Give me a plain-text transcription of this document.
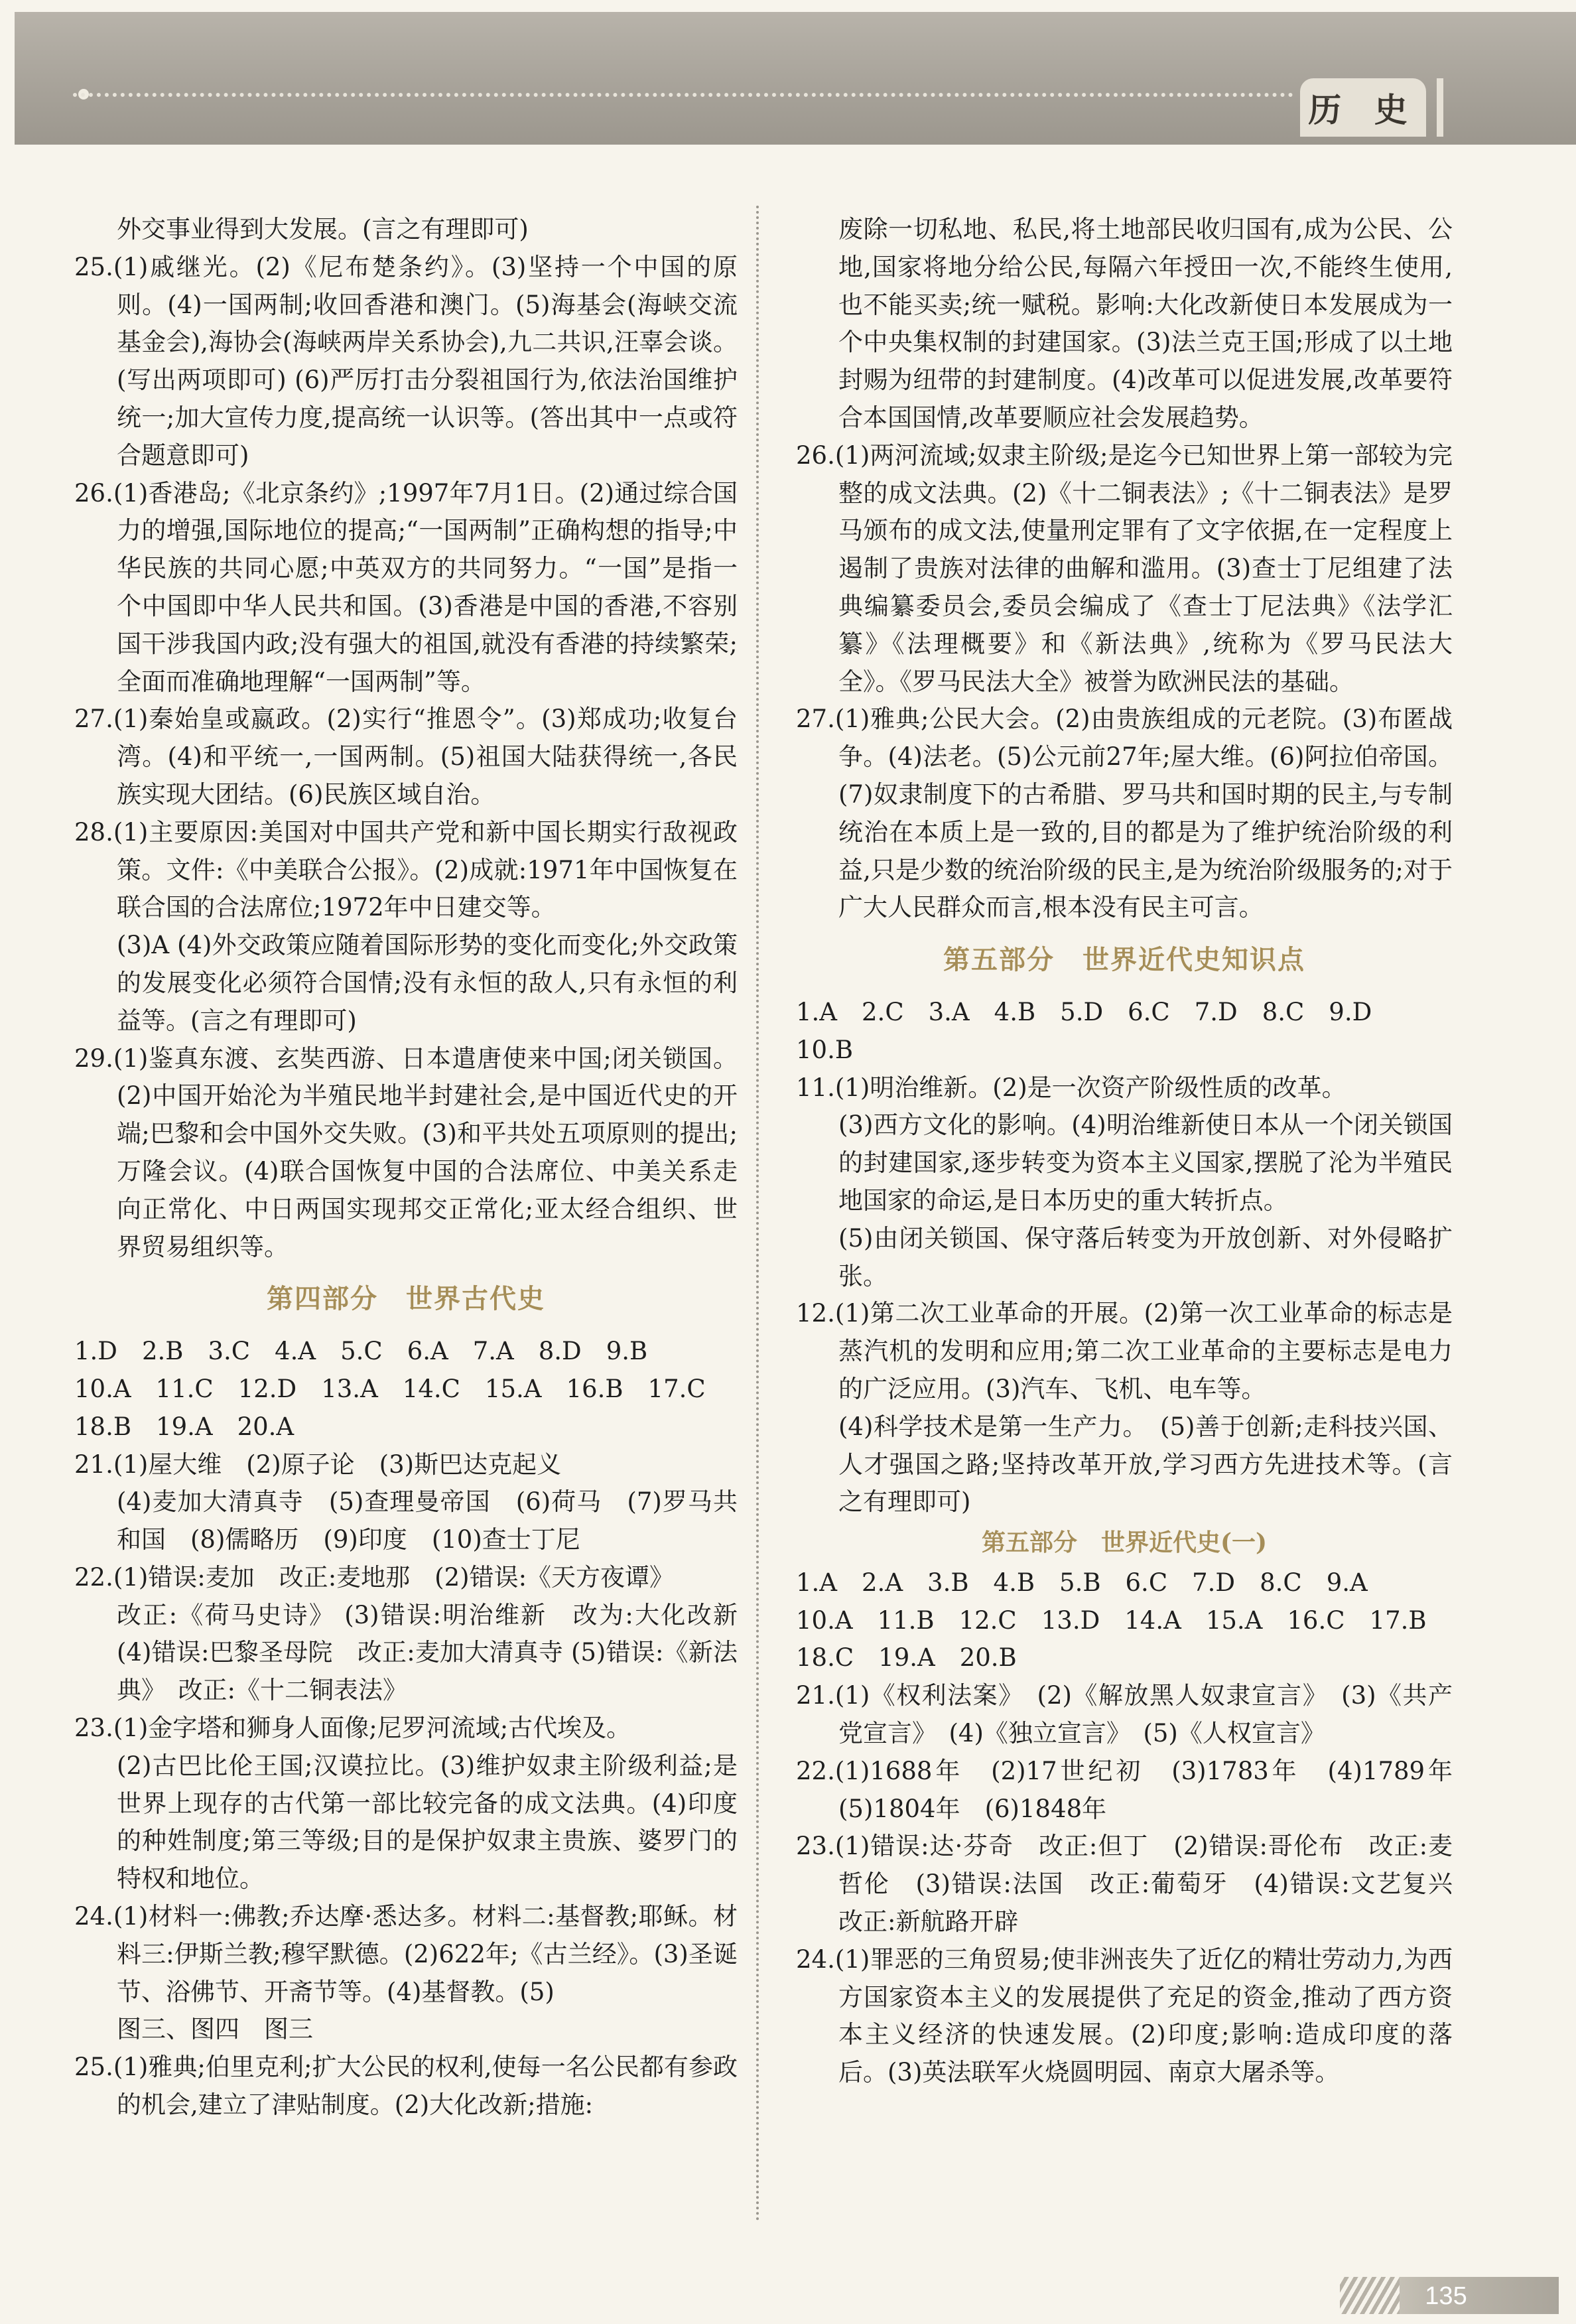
历 史

外交事业得到大发展。(言之有理即可)

25.(1)戚继光。(2)《尼布楚条约》。(3)坚持一个中国的原则。(4)一国两制;收回香港和澳门。(5)海基会(海峡交流基金会),海协会(海峡两岸关系协会),九二共识,汪辜会谈。(写出两项即可) (6)严厉打击分裂祖国行为,依法治国维护统一;加大宣传力度,提高统一认识等。(答出其中一点或符合题意即可)

26.(1)香港岛;《北京条约》;1997年7月1日。(2)通过综合国力的增强,国际地位的提高;“一国两制”正确构想的指导;中华民族的共同心愿;中英双方的共同努力。“一国”是指一个中国即中华人民共和国。(3)香港是中国的香港,不容别国干涉我国内政;没有强大的祖国,就没有香港的持续繁荣;全面而准确地理解“一国两制”等。

27.(1)秦始皇或嬴政。(2)实行“推恩令”。(3)郑成功;收复台湾。(4)和平统一,一国两制。(5)祖国大陆获得统一,各民族实现大团结。(6)民族区域自治。

28.(1)主要原因:美国对中国共产党和新中国长期实行敌视政策。文件:《中美联合公报》。(2)成就:1971年中国恢复在联合国的合法席位;1972年中日建交等。

(3)A (4)外交政策应随着国际形势的变化而变化;外交政策的发展变化必须符合国情;没有永恒的敌人,只有永恒的利益等。(言之有理即可)

29.(1)鉴真东渡、玄奘西游、日本遣唐使来中国;闭关锁国。(2)中国开始沦为半殖民地半封建社会,是中国近代史的开端;巴黎和会中国外交失败。(3)和平共处五项原则的提出;万隆会议。(4)联合国恢复中国的合法席位、中美关系走向正常化、中日两国实现邦交正常化;亚太经合组织、世界贸易组织等。

第四部分　世界古代史

1.D　2.B　3.C　4.A　5.C　6.A　7.A　8.D　9.B

10.A　11.C　12.D　13.A　14.C　15.A　16.B　17.C

18.B　19.A　20.A

21.(1)屋大维　(2)原子论　(3)斯巴达克起义

(4)麦加大清真寺　(5)查理曼帝国　(6)荷马　(7)罗马共和国　(8)儒略历　(9)印度　(10)查士丁尼

22.(1)错误:麦加　改正:麦地那　(2)错误:《天方夜谭》

改正:《荷马史诗》 (3)错误:明治维新　改为:大化改新　(4)错误:巴黎圣母院　改正:麦加大清真寺 (5)错误:《新法典》　改正:《十二铜表法》

23.(1)金字塔和狮身人面像;尼罗河流域;古代埃及。

(2)古巴比伦王国;汉谟拉比。(3)维护奴隶主阶级利益;是世界上现存的古代第一部比较完备的成文法典。(4)印度的种姓制度;第三等级;目的是保护奴隶主贵族、婆罗门的特权和地位。

24.(1)材料一:佛教;乔达摩·悉达多。材料二:基督教;耶稣。材料三:伊斯兰教;穆罕默德。(2)622年;《古兰经》。(3)圣诞节、浴佛节、开斋节等。(4)基督教。(5)

图三、图四　图三

25.(1)雅典;伯里克利;扩大公民的权利,使每一名公民都有参政的机会,建立了津贴制度。(2)大化改新;措施:

废除一切私地、私民,将土地部民收归国有,成为公民、公地,国家将地分给公民,每隔六年授田一次,不能终生使用,也不能买卖;统一赋税。影响:大化改新使日本发展成为一个中央集权制的封建国家。(3)法兰克王国;形成了以土地封赐为纽带的封建制度。(4)改革可以促进发展,改革要符合本国国情,改革要顺应社会发展趋势。

26.(1)两河流域;奴隶主阶级;是迄今已知世界上第一部较为完整的成文法典。(2)《十二铜表法》;《十二铜表法》是罗马颁布的成文法,使量刑定罪有了文字依据,在一定程度上遏制了贵族对法律的曲解和滥用。(3)查士丁尼组建了法典编纂委员会,委员会编成了《查士丁尼法典》《法学汇纂》《法理概要》和《新法典》,统称为《罗马民法大全》。《罗马民法大全》被誉为欧洲民法的基础。

27.(1)雅典;公民大会。(2)由贵族组成的元老院。(3)布匿战争。(4)法老。(5)公元前27年;屋大维。(6)阿拉伯帝国。(7)奴隶制度下的古希腊、罗马共和国时期的民主,与专制统治在本质上是一致的,目的都是为了维护统治阶级的利益,只是少数的统治阶级的民主,是为统治阶级服务的;对于广大人民群众而言,根本没有民主可言。

第五部分　世界近代史知识点

1.A　2.C　3.A　4.B　5.D　6.C　7.D　8.C　9.D

10.B

11.(1)明治维新。(2)是一次资产阶级性质的改革。

(3)西方文化的影响。(4)明治维新使日本从一个闭关锁国的封建国家,逐步转变为资本主义国家,摆脱了沦为半殖民地国家的命运,是日本历史的重大转折点。

(5)由闭关锁国、保守落后转变为开放创新、对外侵略扩张。

12.(1)第二次工业革命的开展。(2)第一次工业革命的标志是蒸汽机的发明和应用;第二次工业革命的主要标志是电力的广泛应用。(3)汽车、飞机、电车等。

(4)科学技术是第一生产力。　(5)善于创新;走科技兴国、人才强国之路;坚持改革开放,学习西方先进技术等。(言之有理即可)

第五部分　世界近代史(一)

1.A　2.A　3.B　4.B　5.B　6.C　7.D　8.C　9.A

10.A　11.B　12.C　13.D　14.A　15.A　16.C　17.B

18.C　19.A　20.B

21.(1)《权利法案》　(2)《解放黑人奴隶宣言》　(3)《共产党宣言》　(4)《独立宣言》　(5)《人权宣言》

22.(1)1688年　(2)17世纪初　(3)1783年　(4)1789年　(5)1804年　(6)1848年

23.(1)错误:达·芬奇　改正:但丁　(2)错误:哥伦布　改正:麦哲伦　(3)错误:法国　改正:葡萄牙　(4)错误:文艺复兴　改正:新航路开辟

24.(1)罪恶的三角贸易;使非洲丧失了近亿的精壮劳动力,为西方国家资本主义的发展提供了充足的资金,推动了西方资本主义经济的快速发展。(2)印度;影响:造成印度的落后。(3)英法联军火烧圆明园、南京大屠杀等。

135
